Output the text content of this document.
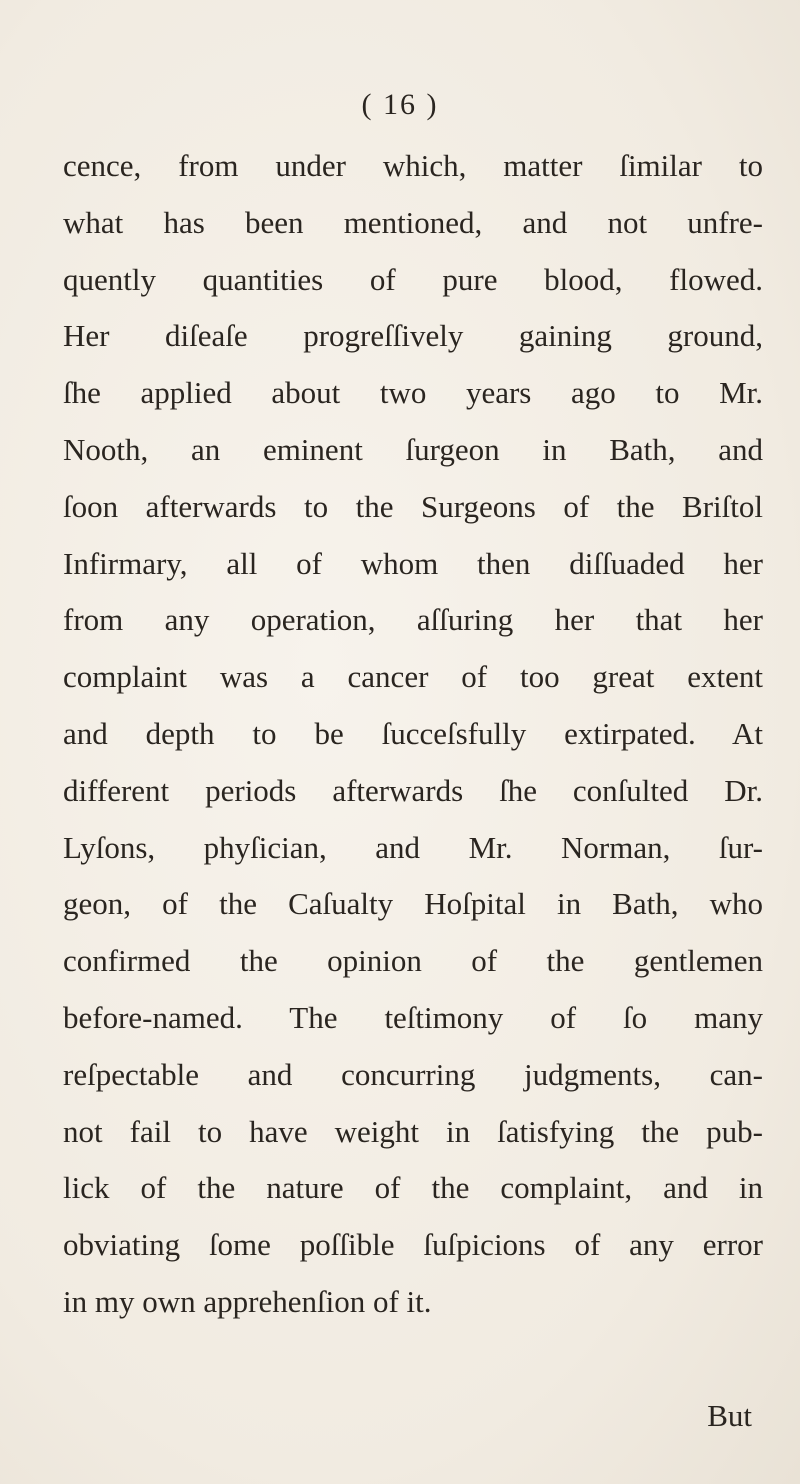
( 16 )
cence, from under which, matter ſimilar to
what has been mentioned, and not unfre-
quently quantities of pure blood, flowed.
Her diſeaſe progreſſively gaining ground,
ſhe applied about two years ago to Mr.
Nooth, an eminent ſurgeon in Bath, and
ſoon afterwards to the Surgeons of the Briſtol
Infirmary, all of whom then diſſuaded her
from any operation, aſſuring her that her
complaint was a cancer of too great extent
and depth to be ſucceſsfully extirpated. At
different periods afterwards ſhe conſulted Dr.
Lyſons, phyſician, and Mr. Norman, ſur-
geon, of the Caſualty Hoſpital in Bath, who
confirmed the opinion of the gentlemen
before-named. The teſtimony of ſo many
reſpectable and concurring judgments, can-
not fail to have weight in ſatisfying the pub-
lick of the nature of the complaint, and in
obviating ſome poſſible ſuſpicions of any error
in my own apprehenſion of it.
But
